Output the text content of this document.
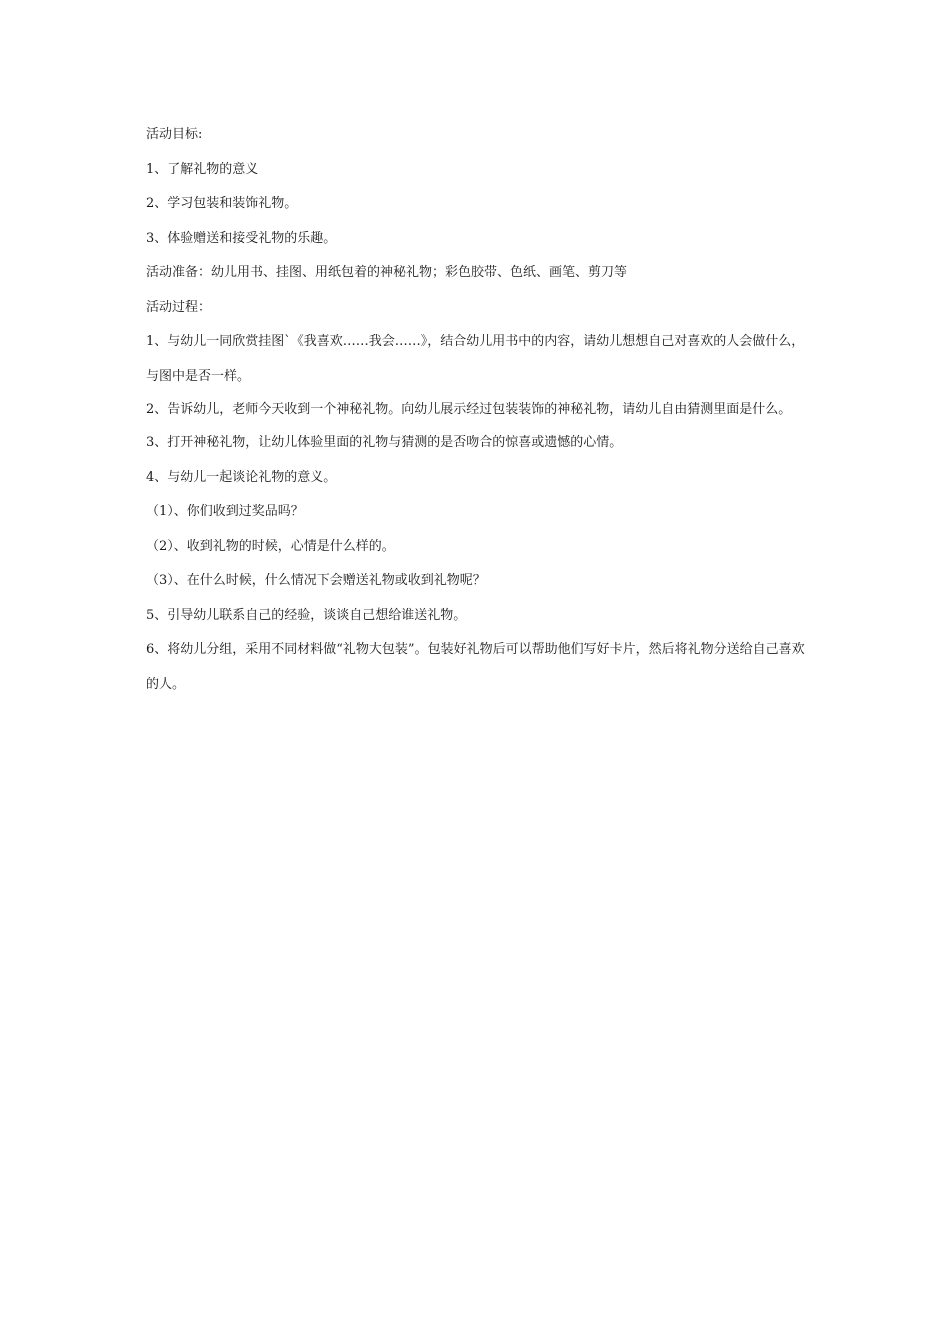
活动目标:

1、了解礼物的意义

2、学习包装和装饰礼物。

3、体验赠送和接受礼物的乐趣。

活动准备：幼儿用书、挂图、用纸包着的神秘礼物；彩色胶带、色纸、画笔、剪刀等

活动过程：

1、与幼儿一同欣赏挂图`《我喜欢……我会……》，结合幼儿用书中的内容，请幼儿想想自己对喜欢的人会做什么，与图中是否一样。

2、告诉幼儿，老师今天收到一个神秘礼物。向幼儿展示经过包装装饰的神秘礼物，请幼儿自由猜测里面是什么。

3、打开神秘礼物，让幼儿体验里面的礼物与猜测的是否吻合的惊喜或遗憾的心情。

4、与幼儿一起谈论礼物的意义。

（1）、你们收到过奖品吗？

（2）、收到礼物的时候，心情是什么样的。

（3）、在什么时候，什么情况下会赠送礼物或收到礼物呢？

5、引导幼儿联系自己的经验，谈谈自己想给谁送礼物。

6、将幼儿分组，采用不同材料做“礼物大包装”。包装好礼物后可以帮助他们写好卡片，然后将礼物分送给自己喜欢的人。
